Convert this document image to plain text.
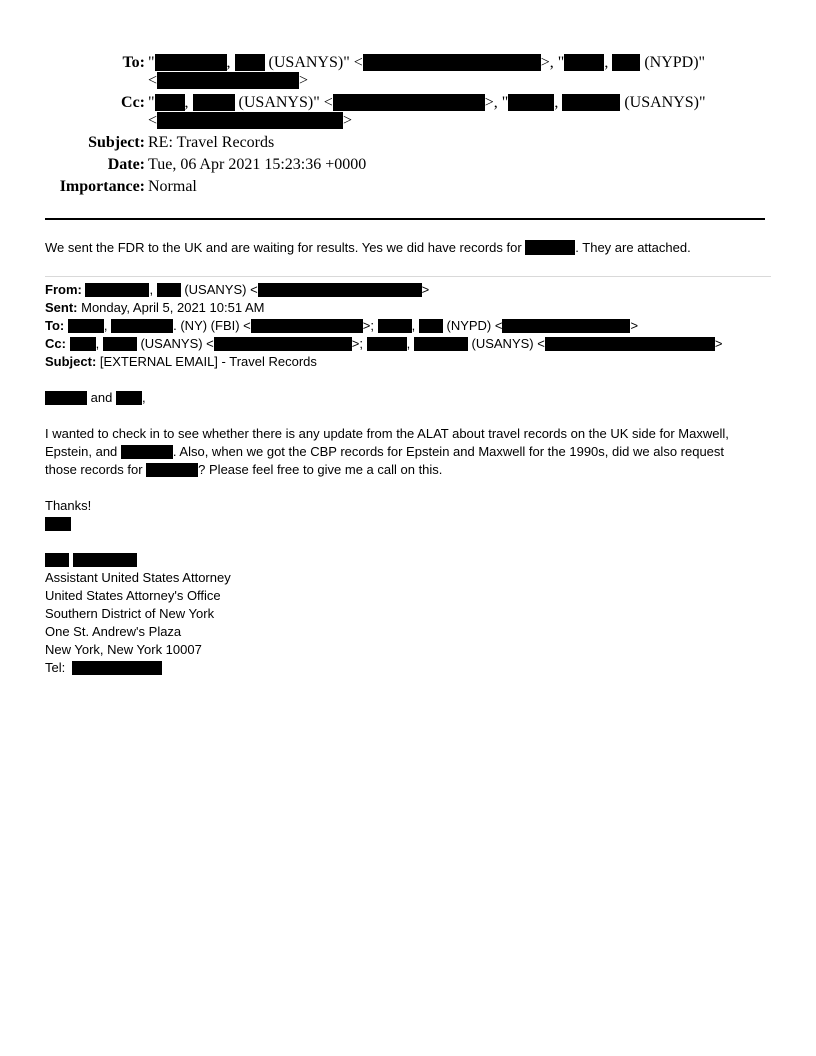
To: "	, (USANYS)" <	>, "	, (NYPD)"
<	>
Cc: " ,	(USANYS)" <	>, "	,	(USANYS)"
<	>
Subject: RE: Travel Records
Date: Tue, 06 Apr 2021 15:23:36 +0000
Importance: Normal
We sent the FDR to the UK and are waiting for results. Yes we did have records for	. They are attached.
From:	, (USANYS) <	>
Sent: Monday, April 5, 2021 10:51 AM
To:	,	. (NY) (FBI) <	>;	, (NYPD) <	>
Cc: ,	(USANYS) <	>;	,	(USANYS) <	>
Subject: [EXTERNAL EMAIL] - Travel Records
and ,
I wanted to check in to see whether there is any update from the ALAT about travel records on the UK side for Maxwell,
Epstein, and	. Also, when we got the CBP records for Epstein and Maxwell for the 1990s, did we also request
those records for	? Please feel free to give me a call on this.
Thanks!

Assistant United States Attorney
United States Attorney's Office
Southern District of New York
One St. Andrew's Plaza
New York, New York 10007
Tel:
